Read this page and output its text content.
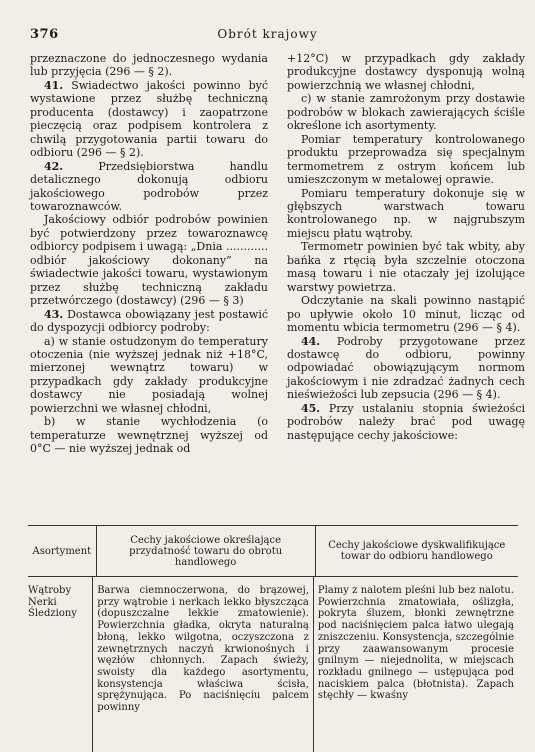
376	Obrót krajowy

przeznaczone do jednoczesnego wydania lub przyjęcia (296 — § 2).

41. Świadectwo jakości powinno być wystawione przez służbę techniczną producenta (dostawcy) i zaopatrzone pieczęcią oraz podpisem kontrolera z chwilą przygotowania partii towaru do odbioru (296 — § 2).

42.	Przedsiębiorstwa handlu detalicznego dokonują odbioru jakościowego podrobów przez towaroznawców.

Jakościowy odbiór podrobów powinien być potwierdzony przez towaroznawcę odbiorcy podpisem i uwagą: „Dnia ............ odbiór jakościowy dokonany” na świadectwie jakości towaru, wystawionym przez służbę techniczną zakładu przetwórczego (dostawcy) (296 — § 3)

43. Dostawca obowiązany jest postawić do dyspozycji odbiorcy podroby:

a) w stanie ostudzonym do temperatury otoczenia (nie wyższej jednak niż +18°C, mierzonej wewnątrz towaru) w przypadkach gdy zakłady produkcyjne dostawcy nie posiadają wolnej powierzchni we własnej chłodni,

b) w stanie wychłodzenia (o temperaturze wewnętrznej wyższej od 0°C — nie wyższej jednak od

+12°C) w przypadkach gdy zakłady produkcyjne dostawcy dysponują wolną powierzchnią we własnej chłodni,

c) w stanie zamrożonym przy dostawie podrobów w blokach zawierających ściśle określone ich asortymenty.

Pomiar temperatury kontrolowanego produktu przeprowadza się specjalnym termometrem z ostrym końcem lub umieszczonym w metalowej oprawie.

Pomiaru temperatury dokonuje się w głębszych warstwach towaru kontrolowanego np. w najgrubszym miejscu płatu wątroby.

Termometr powinien być tak wbity, aby bańka z rtęcią była szczelnie otoczona masą towaru i nie otaczały jej izolujące warstwy powietrza.

Odczytanie na skali powinno nastąpić po upływie około 10 minut, licząc od momentu wbicia termometru (296 — § 4).

44. Podroby przygotowane przez dostawcę do odbioru, powinny odpowiadać obowiązującym normom jakościowym i nie zdradzać żadnych cech nieświeżości lub zepsucia (296 — § 4).

45. Przy ustalaniu stopnia świeżości podrobów należy brać pod uwagę następujące cechy jakościowe:

Asortyment
Cechy jakościowe określające przydatność towaru do obrotu handlowego
Cechy jakościowe dyskwalifikujące towar do odbioru handlowego
Wątroby
Nerki
Śledziony
Barwa ciemnoczerwona, do brązowej, przy wątrobie i nerkach lekko błyszcząca (dopuszczalne lekkie zmatowienie). Powierzchnia gładka, okryta naturalną błoną, lekko wilgotna, oczyszczona z zewnętrznych naczyń krwionośnych i węzłów chłonnych. Zapach świeży, swoisty dla każdego asortymentu, konsystencja właściwa ścisła, sprężynująca. Po naciśnięciu palcem powinny
Plamy z nalotem pleśni lub bez nalotu. Powierzchnia zmatowiała, oślizgła, pokryta śluzem, błonki zewnętrzne pod naciśnięciem palca łatwo ulegają zniszczeniu. Konsystencja, szczególnie przy zaawansowanym procesie gnilnym — niejednolita, w miejscach rozkładu gnilnego — ustępująca pod naciskiem palca (błotnista). Zapach stęchły — kwaśny
